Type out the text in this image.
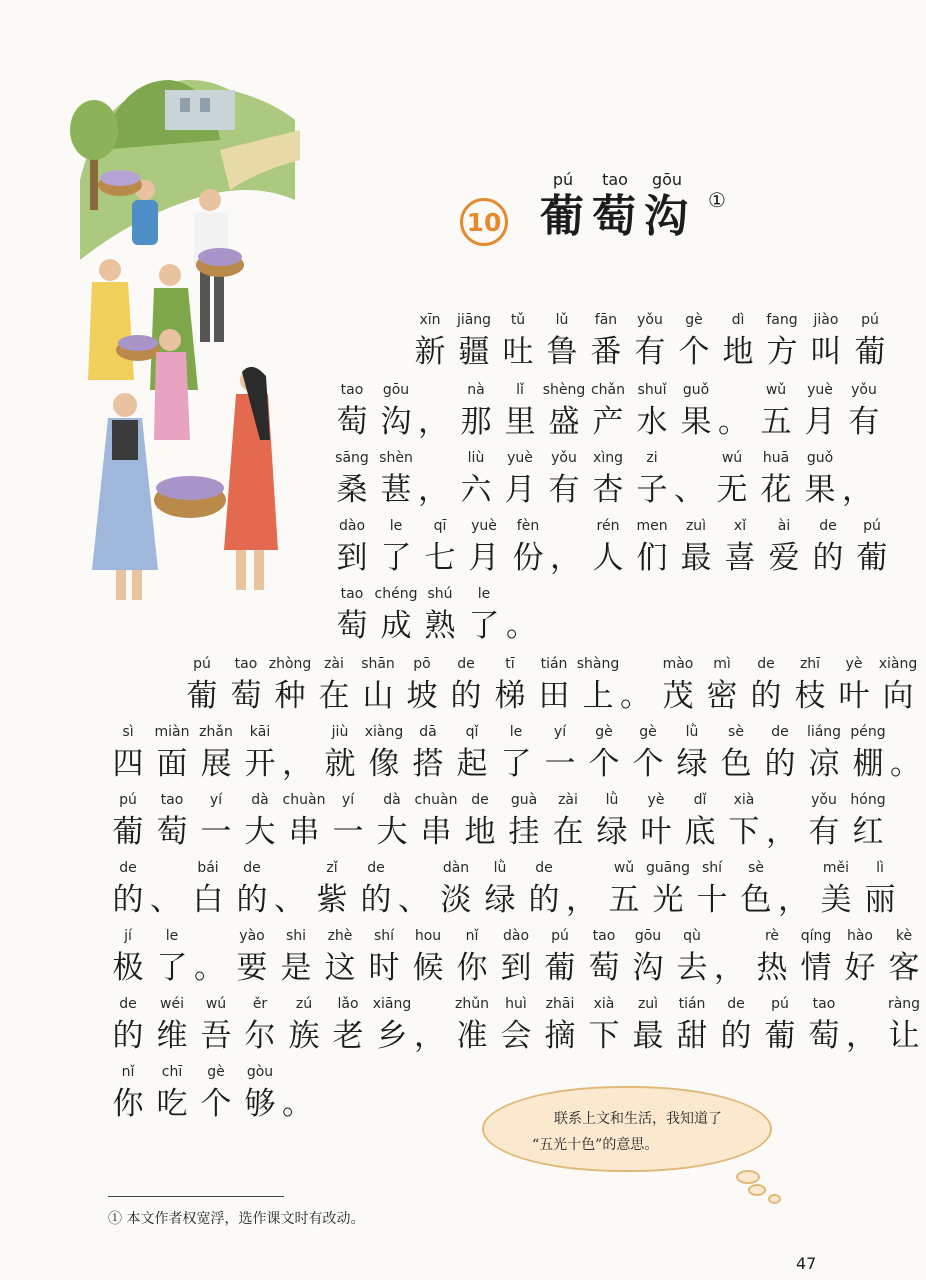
10
pú
葡
tao
萄
gōu
沟 ①
xīn
新
jiāng
疆
tǔ
吐
lǔ
鲁
fān
番
yǒu
有
gè
个
dì
地
fang
方
jiào
叫
pú
葡
tao
萄
gōu
沟 ，
nà
那
lǐ
里
shèng
盛
chǎn
产
shuǐ
水
guǒ
果 。
wǔ
五
yuè
月
yǒu
有
sāng
桑
shèn
葚 ，
liù
六
yuè
月
yǒu
有
xìng
杏
zi
子 、
wú
无
huā
花
guǒ
果 ，
dào
到
le
了
qī
七
yuè
月
fèn
份 ，
rén
人
men
们
zuì
最
xǐ
喜
ài
爱
de
的
pú
葡
tao
萄
chéng
成
shú
熟
le
了 。
pú
葡
tao
萄
zhòng
种
zài
在
shān
山
pō
坡
de
的
tī
梯
tián
田
shàng
上 。
mào
茂
mì
密
de
的
zhī
枝
yè
叶
xiàng
向
sì
四
miàn
面
zhǎn
展
kāi
开 ，
jiù
就
xiàng
像
dā
搭
qǐ
起
le
了
yí
一
gè
个
gè
个
lǜ
绿
sè
色
de
的
liáng
凉
péng
棚 。
pú
葡
tao
萄
yí
一
dà
大
chuàn
串
yí
一
dà
大
chuàn
串
de
地
guà
挂
zài
在
lǜ
绿
yè
叶
dǐ
底
xià
下 ，
yǒu
有
hóng
红
de
的 、
bái
白
de
的 、
zǐ
紫
de
的 、
dàn
淡
lǜ
绿
de
的 ，
wǔ
五
guāng
光
shí
十
sè
色 ，
měi
美
lì
丽
jí
极
le
了 。
yào
要
shi
是
zhè
这
shí
时
hou
候
nǐ
你
dào
到
pú
葡
tao
萄
gōu
沟
qù
去 ，
rè
热
qíng
情
hào
好
kè
客
de
的
wéi
维
wú
吾
ěr
尔
zú
族
lǎo
老
xiāng
乡 ，
zhǔn
准
huì
会
zhāi
摘
xià
下
zuì
最
tián
甜
de
的
pú
葡
tao
萄 ，
ràng
让
nǐ
你
chī
吃
gè
个
gòu
够 。	联系上文和生活，我知道了
“五光十色”的意思。
① 本文作者权宽浮，选作课文时有改动。
47
